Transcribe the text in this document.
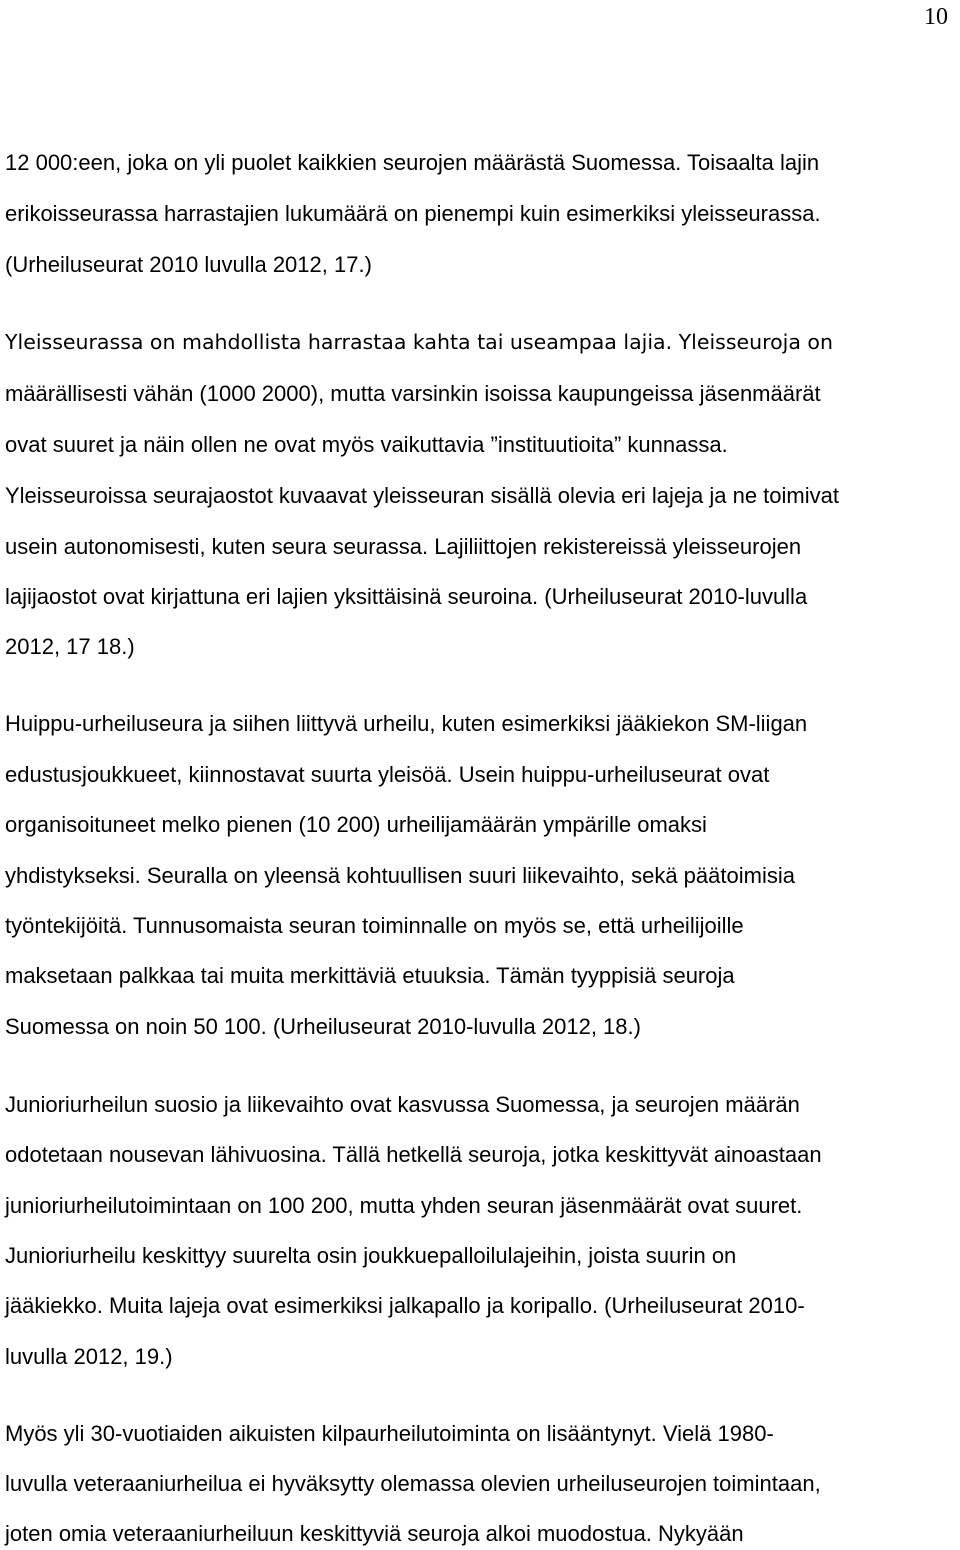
10
12 000:een, joka on yli puolet kaikkien seurojen määrästä Suomessa. Toisaalta lajin
erikoisseurassa harrastajien lukumäärä on pienempi kuin esimerkiksi yleisseurassa.
(Urheiluseurat 2010 luvulla 2012, 17.)
Yleisseurassa on mahdollista harrastaa kahta tai useampaa lajia. Yleisseuroja on
määrällisesti vähän (1000 2000), mutta varsinkin isoissa kaupungeissa jäsenmäärät
ovat suuret ja näin ollen ne ovat myös vaikuttavia ”instituutioita” kunnassa.
Yleisseuroissa seurajaostot kuvaavat yleisseuran sisällä olevia eri lajeja ja ne toimivat
usein autonomisesti, kuten seura seurassa. Lajiliittojen rekistereissä yleisseurojen
lajijaostot ovat kirjattuna eri lajien yksittäisinä seuroina. (Urheiluseurat 2010-luvulla
2012, 17 18.)
Huippu-urheiluseura ja siihen liittyvä urheilu, kuten esimerkiksi jääkiekon SM-liigan
edustusjoukkueet, kiinnostavat suurta yleisöä. Usein huippu-urheiluseurat ovat
organisoituneet melko pienen (10 200) urheilijamäärän ympärille omaksi
yhdistykseksi. Seuralla on yleensä kohtuullisen suuri liikevaihto, sekä päätoimisia
työntekijöitä. Tunnusomaista seuran toiminnalle on myös se, että urheilijoille
maksetaan palkkaa tai muita merkittäviä etuuksia. Tämän tyyppisiä seuroja
Suomessa on noin 50 100. (Urheiluseurat 2010-luvulla 2012, 18.)
Junioriurheilun suosio ja liikevaihto ovat kasvussa Suomessa, ja seurojen määrän
odotetaan nousevan lähivuosina. Tällä hetkellä seuroja, jotka keskittyvät ainoastaan
junioriurheilutoimintaan on 100 200, mutta yhden seuran jäsenmäärät ovat suuret.
Junioriurheilu keskittyy suurelta osin joukkuepalloilulajeihin, joista suurin on
jääkiekko. Muita lajeja ovat esimerkiksi jalkapallo ja koripallo. (Urheiluseurat 2010-
luvulla 2012, 19.)
Myös yli 30-vuotiaiden aikuisten kilpaurheilutoiminta on lisääntynyt. Vielä 1980-
luvulla veteraaniurheilua ei hyväksytty olemassa olevien urheiluseurojen toimintaan,
joten omia veteraaniurheiluun keskittyviä seuroja alkoi muodostua. Nykyään
